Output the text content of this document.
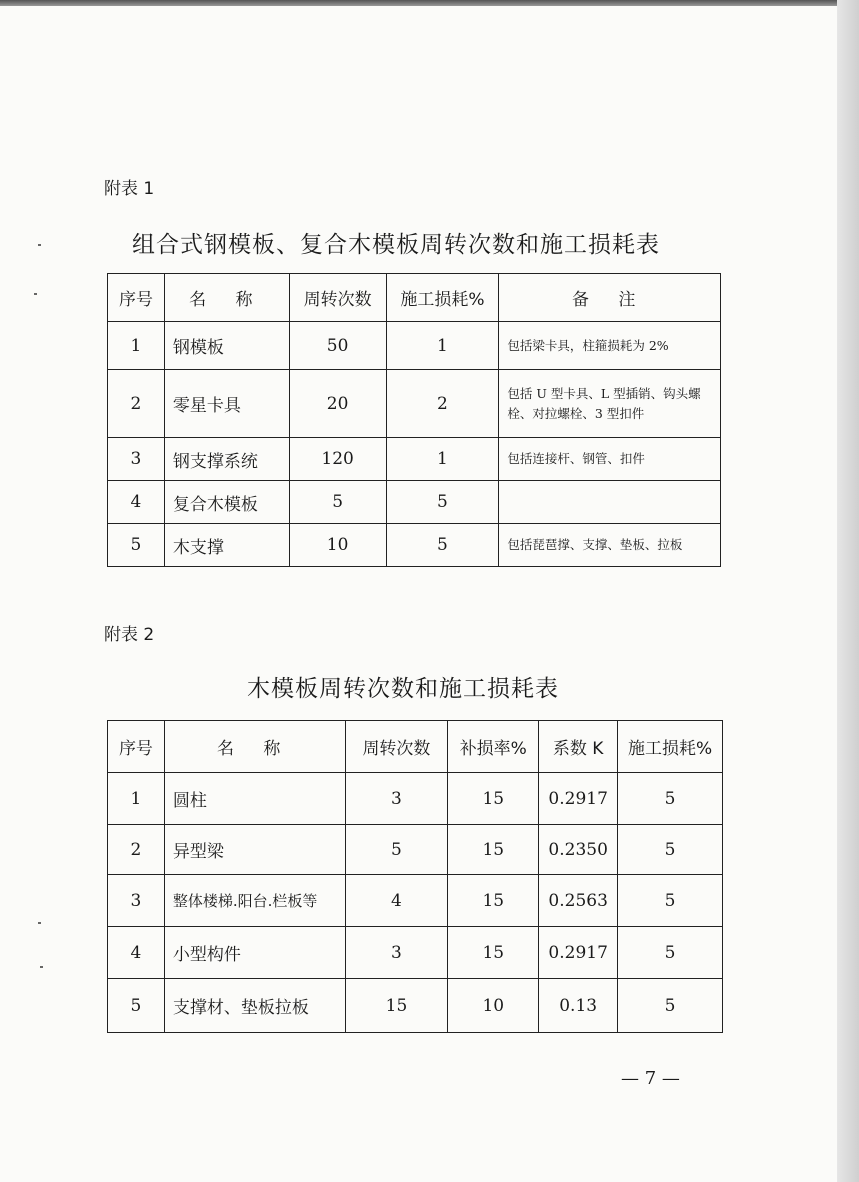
附表 1
组合式钢模板、复合木模板周转次数和施工损耗表
序号	名 称	周转次数	施工损耗%	备 注
1	钢模板	50	1	包括梁卡具，柱箍损耗为 2%
2	零星卡具	20	2	包括 U 型卡具、L 型插销、钩头螺栓、对拉螺栓、3 型扣件
3	钢支撑系统	120	1	包括连接杆、钢管、扣件
4	复合木模板	5	5	
5	木支撑	10	5	包括琵琶撑、支撑、垫板、拉板
附表 2
木模板周转次数和施工损耗表
序号	名 称	周转次数	补损率%	系数 K	施工损耗%
1	圆柱	3	15	0.2917	5
2	异型梁	5	15	0.2350	5
3	整体楼梯.阳台.栏板等	4	15	0.2563	5
4	小型构件	3	15	0.2917	5
5	支撑材、垫板拉板	15	10	0.13	5
— 7 —
